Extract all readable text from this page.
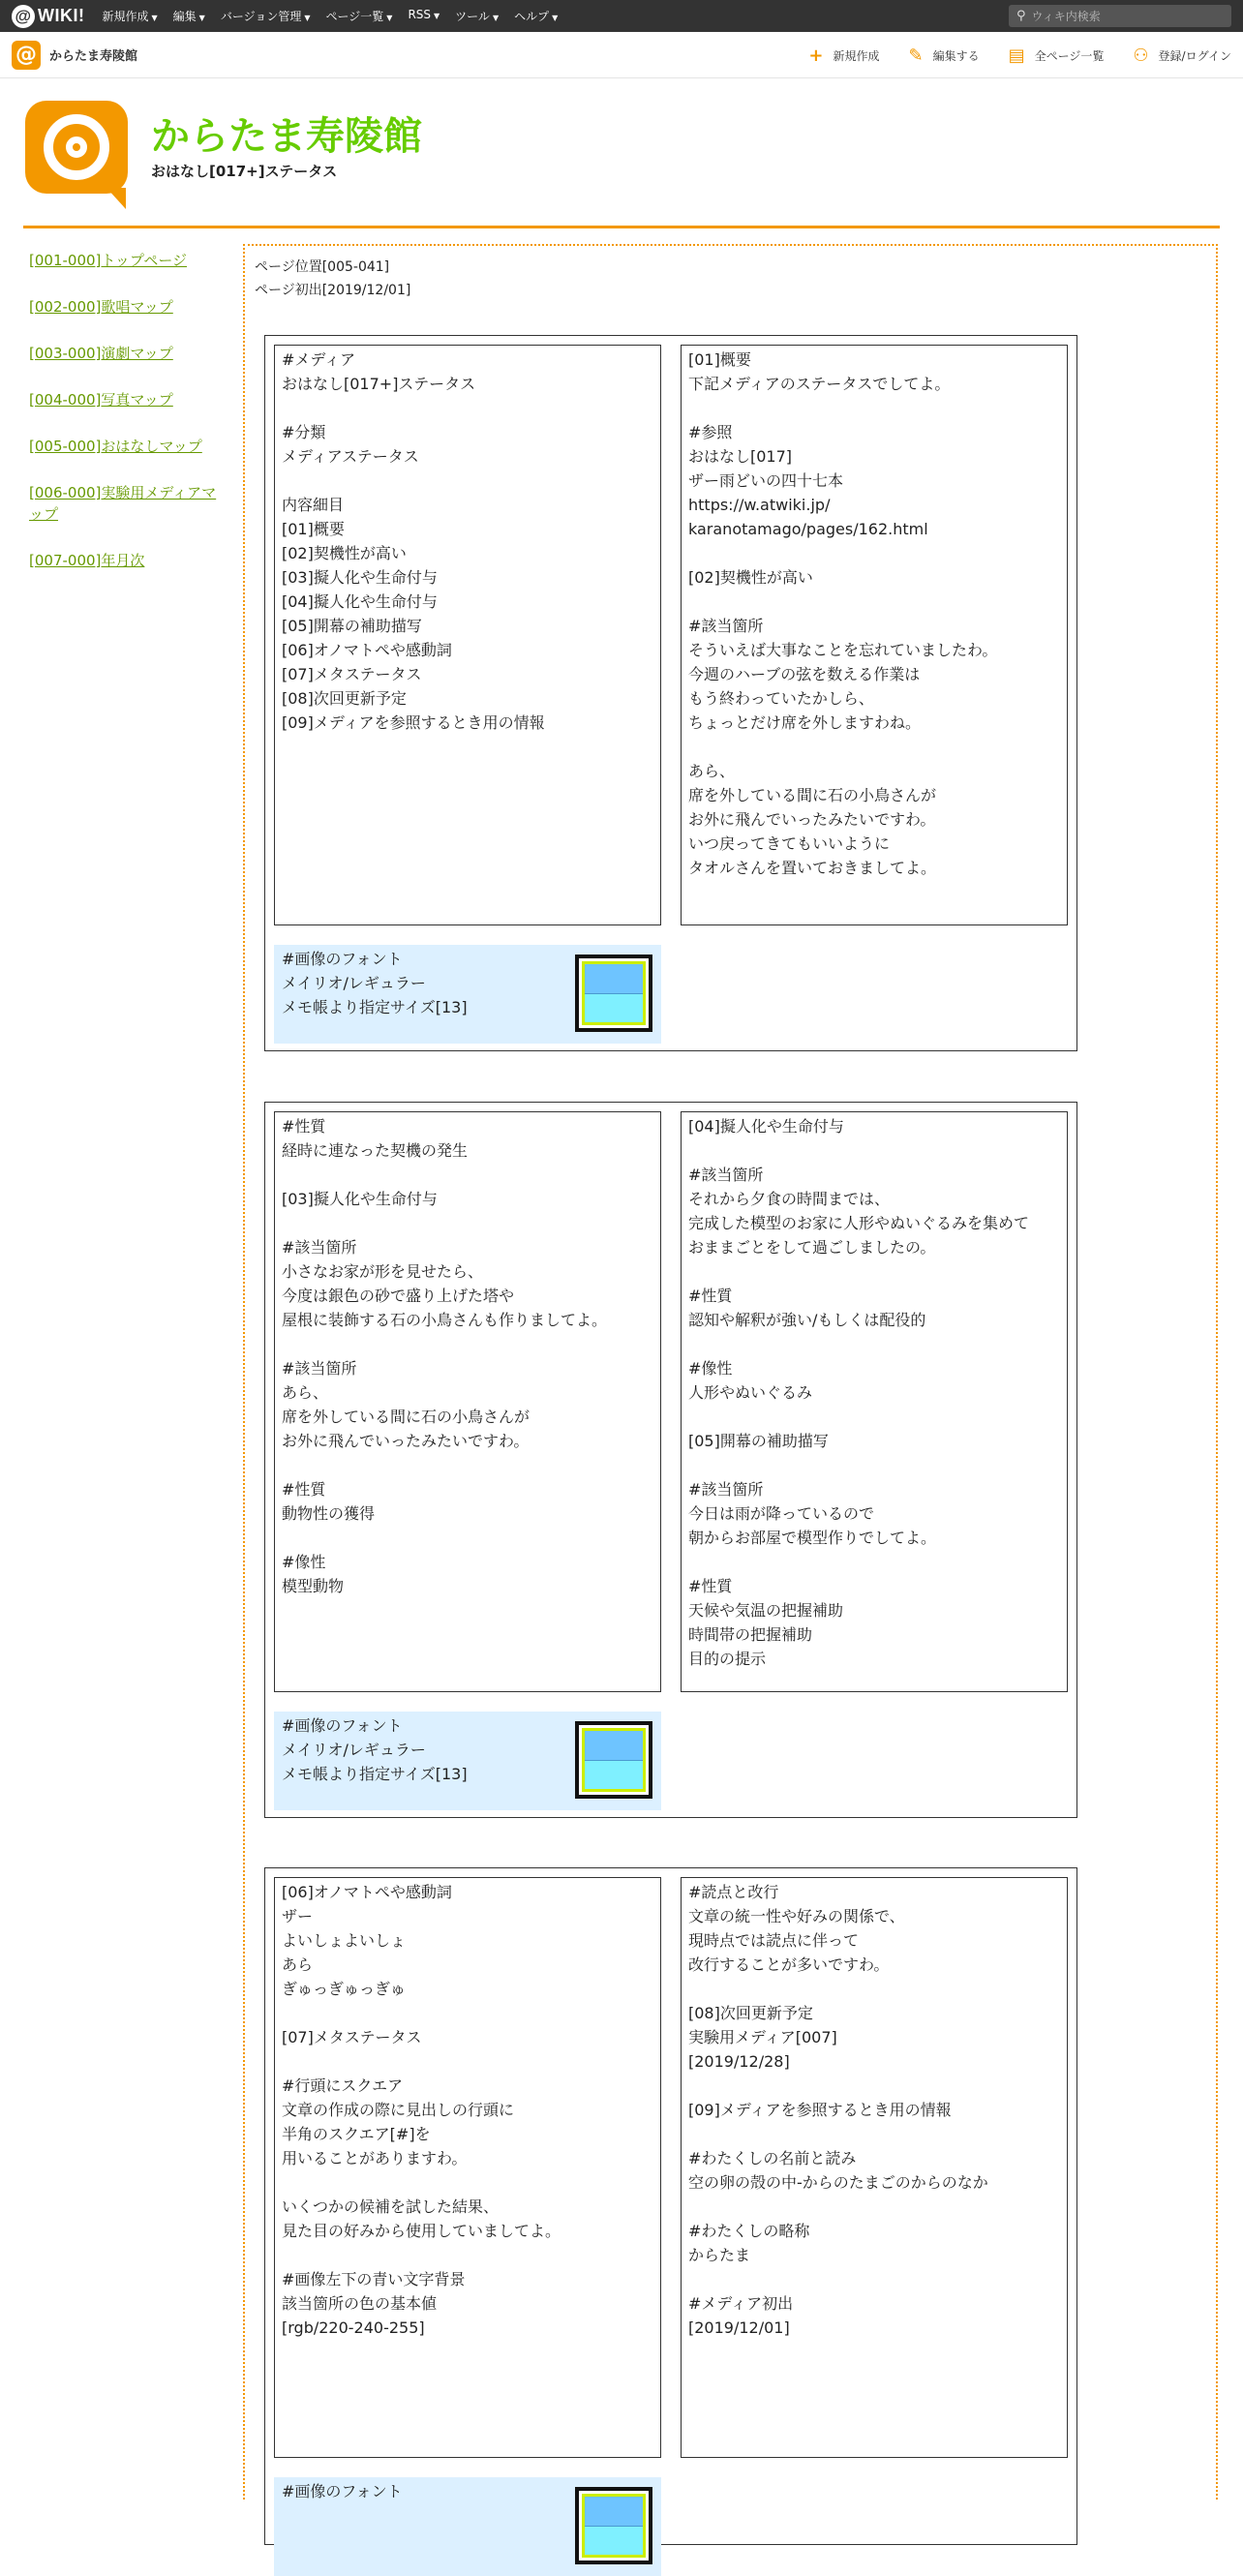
@ WIKI! 新規作成 ▼ 編集 ▼ バージョン管理 ▼ ページ一覧 ▼ RSS ▼ ツール ▼ ヘルプ ▼	⚲
ウィキ内検索
@	からたま寿陵館	+ 新規作成 ✎ 編集する ▤ 全ページ一覧 ⚇ 登録/ログイン
からたま寿陵館
おはなし[017+]ステータス
[001-000]トップページ
[002-000]歌唱マップ
[003-000]演劇マップ
[004-000]写真マップ
[005-000]おはなしマップ
[006-000]実験用メディアマップ
[007-000]年月次
ページ位置[005-041]
ページ初出[2019/12/01]
#メディア
おはなし[017+]ステータス

#分類
メディアステータス

内容細目
[01]概要
[02]契機性が高い
[03]擬人化や生命付与
[04]擬人化や生命付与
[05]開幕の補助描写
[06]オノマトペや感動詞
[07]メタステータス
[08]次回更新予定
[09]メディアを参照するとき用の情報
[01]概要
下記メディアのステータスでしてよ。

#参照
おはなし[017]
ザー雨どいの四十七本
https://w.atwiki.jp/
karanotamago/pages/162.html

[02]契機性が高い

#該当箇所
そういえば大事なことを忘れていましたわ。
今週のハーブの弦を数える作業は
もう終わっていたかしら、
ちょっとだけ席を外しますわね。

あら、
席を外している間に石の小鳥さんが
お外に飛んでいったみたいですわ。
いつ戻ってきてもいいように
タオルさんを置いておきましてよ。
#画像のフォント
メイリオ/レギュラー
メモ帳より指定サイズ[13]
#性質
経時に連なった契機の発生

[03]擬人化や生命付与

#該当箇所
小さなお家が形を見せたら、
今度は銀色の砂で盛り上げた塔や
屋根に装飾する石の小鳥さんも作りましてよ。

#該当箇所
あら、
席を外している間に石の小鳥さんが
お外に飛んでいったみたいですわ。

#性質
動物性の獲得

#像性
模型動物
[04]擬人化や生命付与

#該当箇所
それから夕食の時間までは、
完成した模型のお家に人形やぬいぐるみを集めて
おままごとをして過ごしましたの。

#性質
認知や解釈が強い/もしくは配役的

#像性
人形やぬいぐるみ

[05]開幕の補助描写

#該当箇所
今日は雨が降っているので
朝からお部屋で模型作りでしてよ。

#性質
天候や気温の把握補助
時間帯の把握補助
目的の提示
#画像のフォント
メイリオ/レギュラー
メモ帳より指定サイズ[13]
[06]オノマトペや感動詞
ザー
よいしょよいしょ
あら
ぎゅっぎゅっぎゅ

[07]メタステータス

#行頭にスクエア
文章の作成の際に見出しの行頭に
半角のスクエア[#]を
用いることがありますわ。

いくつかの候補を試した結果、
見た目の好みから使用していましてよ。

#画像左下の青い文字背景
該当箇所の色の基本値
[rgb/220-240-255]
#読点と改行
文章の統一性や好みの関係で、
現時点では読点に伴って
改行することが多いですわ。

[08]次回更新予定
実験用メディア[007]
[2019/12/28]

[09]メディアを参照するとき用の情報

#わたくしの名前と読み
空の卵の殻の中-からのたまごのからのなか

#わたくしの略称
からたま

#メディア初出
[2019/12/01]
#画像のフォント
